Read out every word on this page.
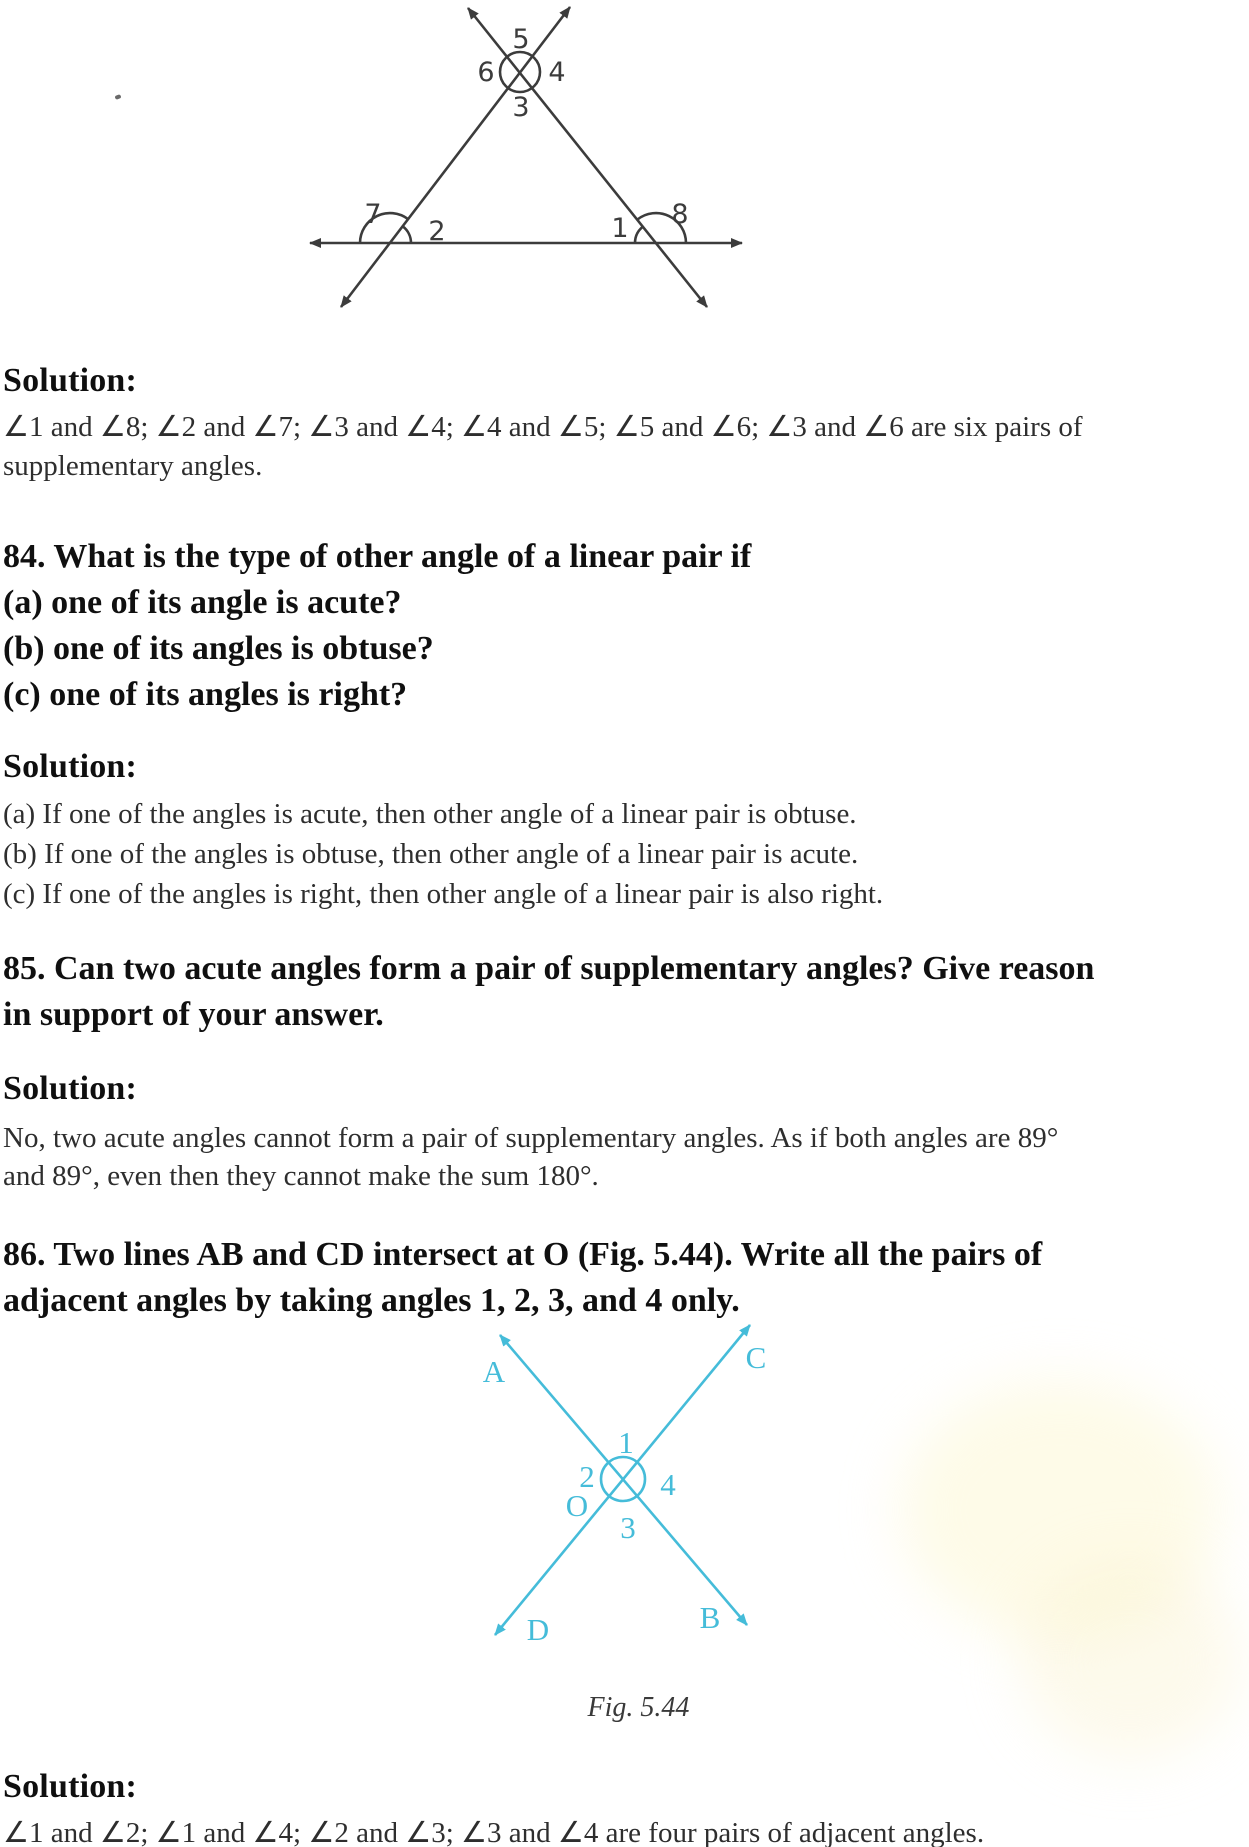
5
6 4
3
7
2	1 8
A	C
O
D	B
1
2 4
3
Solution:
∠1 and ∠8; ∠2 and ∠7; ∠3 and ∠4; ∠4 and ∠5; ∠5 and ∠6; ∠3 and ∠6 are six pairs of
supplementary angles.
84. What is the type of other angle of a linear pair if
(a) one of its angle is acute?
(b) one of its angles is obtuse?
(c) one of its angles is right?
Solution:
(a) If one of the angles is acute, then other angle of a linear pair is obtuse.
(b) If one of the angles is obtuse, then other angle of a linear pair is acute.
(c) If one of the angles is right, then other angle of a linear pair is also right.
85. Can two acute angles form a pair of supplementary angles? Give reason
in support of your answer.
Solution:
No, two acute angles cannot form a pair of supplementary angles. As if both angles are 89°
and 89°, even then they cannot make the sum 180°.
86. Two lines AB and CD intersect at O (Fig. 5.44). Write all the pairs of
adjacent angles by taking angles 1, 2, 3, and 4 only.
Fig. 5.44
Solution:
∠1 and ∠2; ∠1 and ∠4; ∠2 and ∠3; ∠3 and ∠4 are four pairs of adjacent angles.
